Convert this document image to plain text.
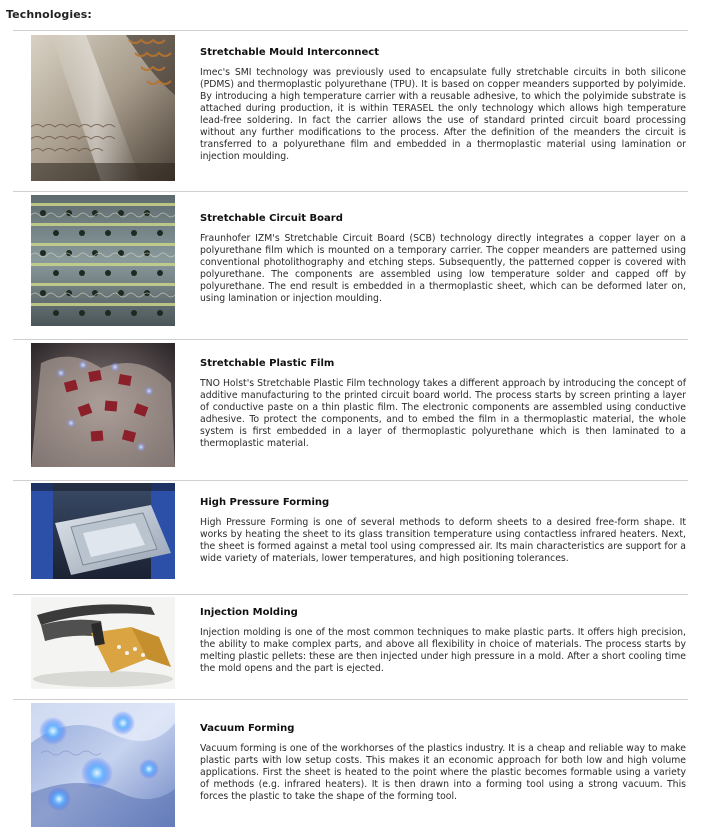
Technologies:
Stretchable Mould Interconnect

Imec's SMI technology was previously used to encapsulate fully stretchable circuits in both silicone (PDMS) and thermoplastic polyurethane (TPU). It is based on copper meanders supported by polyimide. By introducing a high temperature carrier with a reusable adhesive, to which the polyimide substrate is attached during production, it is within TERASEL the only technology which allows high temperature lead-free soldering. In fact the carrier allows the use of standard printed circuit board processing without any further modifications to the process. After the definition of the meanders the circuit is transferred to a polyurethane film and embedded in a thermoplastic material using lamination or injection moulding.

Stretchable Circuit Board

Fraunhofer IZM's Stretchable Circuit Board (SCB) technology directly integrates a copper layer on a polyurethane film which is mounted on a temporary carrier. The copper meanders are patterned using conventional photolithography and etching steps. Subsequently, the patterned copper is covered with polyurethane. The components are assembled using low temperature solder and capped off by polyurethane. The end result is embedded in a thermoplastic sheet, which can be deformed later on, using lamination or injection moulding.

Stretchable Plastic Film

TNO Holst's Stretchable Plastic Film technology takes a different approach by introducing the concept of additive manufacturing to the printed circuit board world. The process starts by screen printing a layer of conductive paste on a thin plastic film. The electronic components are assembled using conductive adhesive. To protect the components, and to embed the film in a thermoplastic material, the whole system is first embedded in a layer of thermoplastic polyurethane which is then laminated to a thermoplastic material.

High Pressure Forming

High Pressure Forming is one of several methods to deform sheets to a desired free-form shape. It works by heating the sheet to its glass transition temperature using contactless infrared heaters. Next, the sheet is formed against a metal tool using compressed air. Its main characteristics are support for a wide variety of materials, lower temperatures, and high positioning tolerances.

Injection Molding

Injection molding is one of the most common techniques to make plastic parts. It offers high precision, the ability to make complex parts, and above all flexibility in choice of materials. The process starts by melting plastic pellets: these are then injected under high pressure in a mold. After a short cooling time the mold opens and the part is ejected.

Vacuum Forming

Vacuum forming is one of the workhorses of the plastics industry. It is a cheap and reliable way to make plastic parts with low setup costs. This makes it an economic approach for both low and high volume applications. First the sheet is heated to the point where the plastic becomes formable using a variety of methods (e.g. infrared heaters). It is then drawn into a forming tool using a strong vacuum. This forces the plastic to take the shape of the forming tool.
